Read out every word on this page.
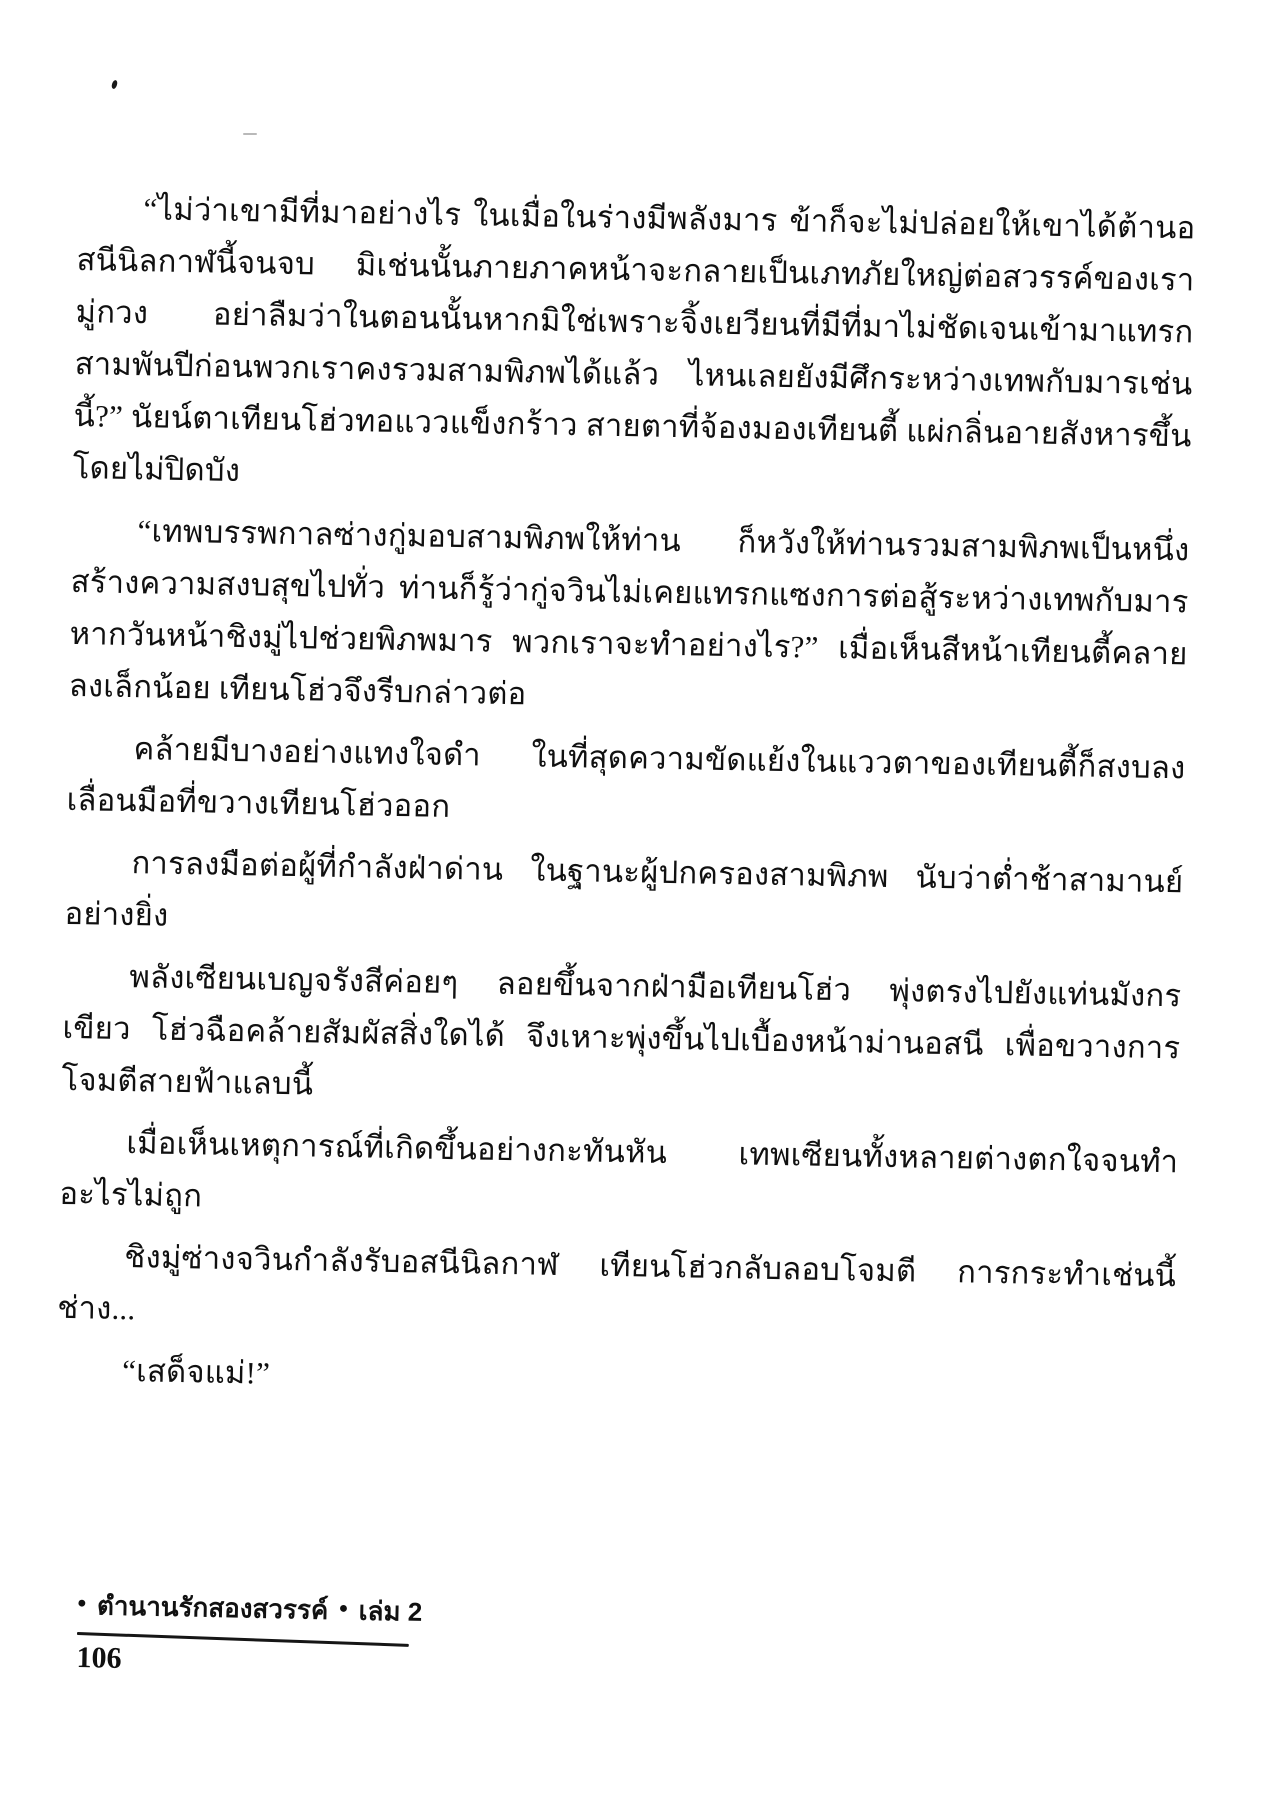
“ไม่ว่าเขามีที่มาอย่างไร ในเมื่อในร่างมีพลังมาร ข้าก็จะไม่ปล่อยให้เขาได้ต้านอสนีนิลกาฬนี้จนจบ มิเช่นนั้นภายภาคหน้าจะกลายเป็นเภทภัยใหญ่ต่อสวรรค์ของเรา มู่กวง อย่าลืมว่าในตอนนั้นหากมิใช่เพราะจิ้งเยวียนที่มีที่มาไม่ชัดเจนเข้ามาแทรก สามพันปีก่อนพวกเราคงรวมสามพิภพได้แล้ว ไหนเลยยังมีศึกระหว่างเทพกับมารเช่นนี้?” นัยน์ตาเทียนโฮ่วทอแววแข็งกร้าว สายตาที่จ้องมองเทียนตี้ แผ่กลิ่นอายสังหารขึ้นโดยไม่ปิดบัง

“เทพบรรพกาลซ่างกู่มอบสามพิภพให้ท่าน ก็หวังให้ท่านรวมสามพิภพเป็นหนึ่ง สร้างความสงบสุขไปทั่ว ท่านก็รู้ว่ากู่จวินไม่เคยแทรกแซงการต่อสู้ระหว่างเทพกับมาร หากวันหน้าชิงมู่ไปช่วยพิภพมาร พวกเราจะทำอย่างไร?” เมื่อเห็นสีหน้าเทียนตี้คลายลงเล็กน้อย เทียนโฮ่วจึงรีบกล่าวต่อ

คล้ายมีบางอย่างแทงใจดำ ในที่สุดความขัดแย้งในแววตาของเทียนตี้ก็สงบลง เลื่อนมือที่ขวางเทียนโฮ่วออก

การลงมือต่อผู้ที่กำลังฝ่าด่าน ในฐานะผู้ปกครองสามพิภพ นับว่าต่ำช้าสามานย์อย่างยิ่ง

พลังเซียนเบญจรังสีค่อยๆ ลอยขึ้นจากฝ่ามือเทียนโฮ่ว พุ่งตรงไปยังแท่นมังกรเขียว โฮ่วฉือคล้ายสัมผัสสิ่งใดได้ จึงเหาะพุ่งขึ้นไปเบื้องหน้าม่านอสนี เพื่อขวางการโจมตีสายฟ้าแลบนี้

เมื่อเห็นเหตุการณ์ที่เกิดขึ้นอย่างกะทันหัน เทพเซียนทั้งหลายต่างตกใจจนทำอะไรไม่ถูก

ชิงมู่ซ่างจวินกำลังรับอสนีนิลกาฬ เทียนโฮ่วกลับลอบโจมตี การกระทำเช่นนี้ช่าง...

“เสด็จแม่!”

• ตำนานรักสองสวรรค์ • เล่ม 2
106
